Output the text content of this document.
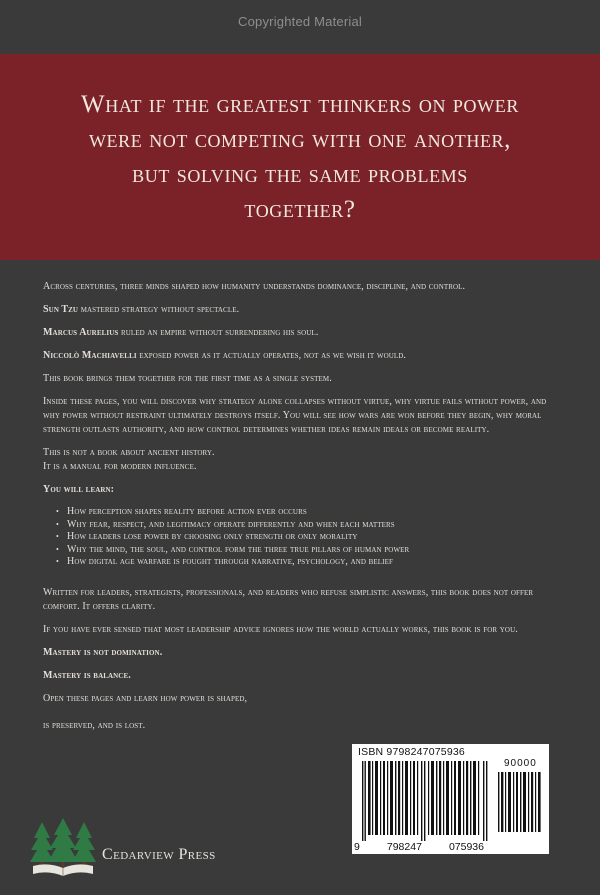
Copyrighted Material
What if the greatest thinkers on power
were not competing with one another,
but solving the same problems
together?

Across centuries, three minds shaped how humanity understands dominance, discipline, and control.

Sun Tzu mastered strategy without spectacle.

Marcus Aurelius ruled an empire without surrendering his soul.

Niccolò Machiavelli exposed power as it actually operates, not as we wish it would.

This book brings them together for the first time as a single system.

Inside these pages, you will discover why strategy alone collapses without virtue, why virtue fails without power, and why power without restraint ultimately destroys itself. You will see how wars are won before they begin, why moral strength outlasts authority, and how control determines whether ideas remain ideals or become reality.

This is not a book about ancient history.
It is a manual for modern influence.

You will learn:

• How perception shapes reality before action ever occurs
• Why fear, respect, and legitimacy operate differently and when each matters
• How leaders lose power by choosing only strength or only morality
• Why the mind, the soul, and control form the three true pillars of human power
• How digital age warfare is fought through narrative, psychology, and belief

Written for leaders, strategists, professionals, and readers who refuse simplistic answers, this book does not offer comfort. It offers clarity.

If you have ever sensed that most leadership advice ignores how the world actually works, this book is for you.

Mastery is not domination.

Mastery is balance.

Open these pages and learn how power is shaped,

is preserved, and is lost.

ISBN 9798247075936
90000
9	798247	075936
Cedarview Press
